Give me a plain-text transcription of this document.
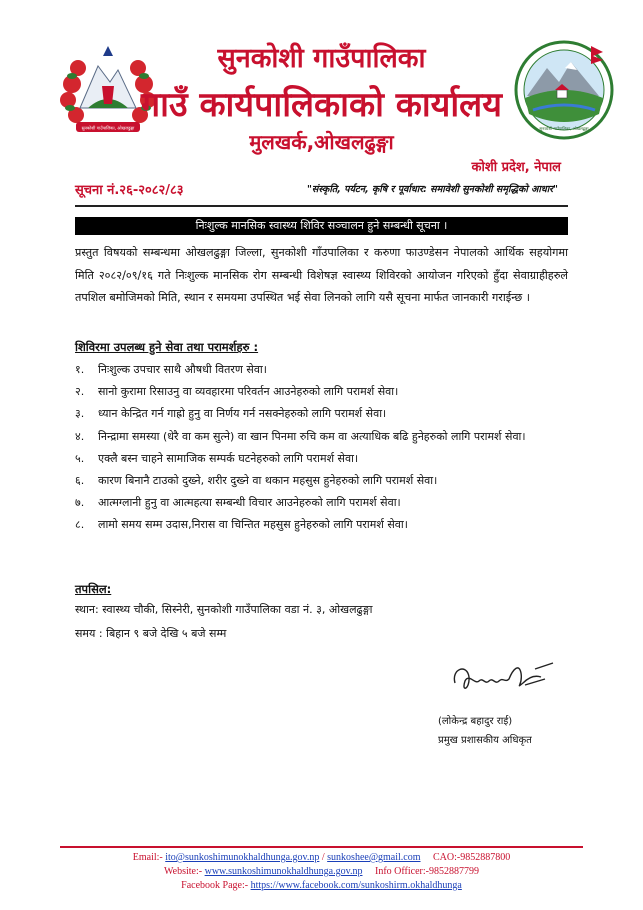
सुनकोशी गाउँपालिका, ओखलढुङ्गा	सुनकोशी गाउँपालिका, ओखलढुङ्गा
सुनकोशी गाउँपालिका
गाउँ कार्यपालिकाको कार्यालय
मुलखर्क,ओखलढुङ्गा
कोशी प्रदेश, नेपाल
सूचना नं.२६-२०८२/८३	"संस्कृति, पर्यटन, कृषि र पूर्वाधार: समावेशी सुनकोशी समृद्धिको आधार"
निःशुल्क मानसिक स्वास्थ्य शिविर सञ्चालन हुने सम्बन्धी सूचना ।
प्रस्तुत विषयको सम्बन्धमा ओखलढुङ्गा जिल्ला, सुनकोशी गाँउपालिका र करुणा फाउण्डेसन नेपालको आर्थिक सहयोगमा मिति २०८२/०९/१६ गते निःशुल्क मानसिक रोग सम्बन्धी विशेषज्ञ स्वास्थ्य शिविरको आयोजन गरिएको हुँदा सेवाग्राहीहरुले तपशिल बमोजिमको मिति, स्थान र समयमा उपस्थित भई सेवा लिनको लागि यसै सूचना मार्फत जानकारी गराईन्छ ।
शिविरमा उपलब्ध हुने सेवा तथा परामर्शहरु :
१.	निःशुल्क उपचार साथै औषधी वितरण सेवा।
२.	सानो कुरामा रिसाउनु वा व्यवहारमा परिवर्तन आउनेहरुको लागि परामर्श सेवा।
३.	ध्यान केन्द्रित गर्न गाह्रो हुनु वा निर्णय गर्न नसक्नेहरुको लागि परामर्श सेवा।
४.	निन्द्रामा समस्या (धेरै वा कम सुत्ने) वा खान पिनमा रुचि कम वा अत्याधिक बढि हुनेहरुको लागि परामर्श सेवा।
५.	एक्लै बस्न चाहने सामाजिक सम्पर्क घटनेहरुको लागि परामर्श सेवा।
६.	कारण बिनानै टाउको दुख्ने, शरीर दुख्ने वा थकान महसुस हुनेहरुको लागि परामर्श सेवा।
७.	आत्मग्लानी हुनु वा आत्महत्या सम्बन्धी विचार आउनेहरुको लागि परामर्श सेवा।
८.	लामो समय सम्म उदास,निरास वा चिन्तित महसुस हुनेहरुको लागि परामर्श सेवा।
तपसिल:
स्थान: स्वास्थ्य चौकी, सिस्नेरी, सुनकोशी गाउँपालिका वडा नं. ३, ओखलढुङ्गा
समय : बिहान ९ बजे देखि ५ बजे सम्म
(लोकेन्द्र बहादुर राई)
प्रमुख प्रशासकीय अधिकृत
Email:- ito@sunkoshimunokhaldhunga.gov.np / sunkoshee@gmail.com     CAO:-9852887800
Website:- www.sunkoshimunokhaldhunga.gov.np     Info Officer:-9852887799
Facebook Page:- https://www.facebook.com/sunkoshirm.okhaldhunga
